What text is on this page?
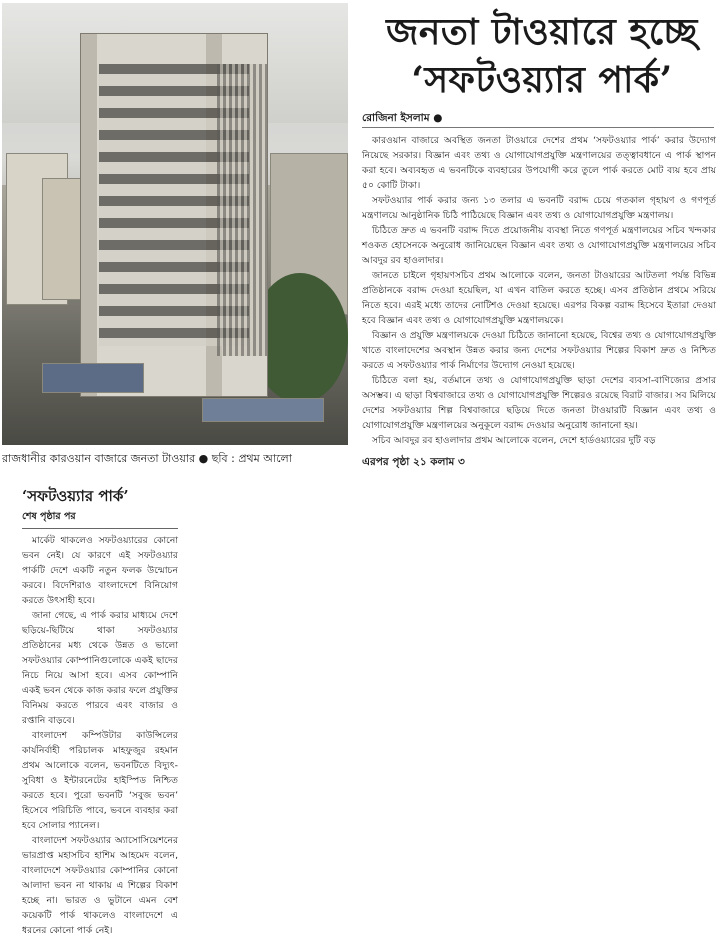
রাজধানীর কারওয়ান বাজারে জনতা টাওয়ার ● ছবি : প্রথম আলো
জনতা টাওয়ারে হচ্ছে
‘সফটওয়্যার পার্ক’
রোজিনা ইসলাম ●

কারওয়ান বাজারে অবস্থিত জনতা টাওয়ারে দেশের প্রথম ‘সফটওয়্যার পার্ক’ করার উদ্যোগ নিয়েছে সরকার। বিজ্ঞান এবং তথ্য ও যোগাযোগপ্রযুক্তি মন্ত্রণালয়ের তত্ত্বাবধানে এ পার্ক স্থাপন করা হবে। অব্যবহৃত এ ভবনটিকে ব্যবহারের উপযোগী করে তুলে পার্ক করতে মোট ব্যয় হবে প্রায় ৫০ কোটি টাকা।

সফটওয়্যার পার্ক করার জন্য ১৩ তলার এ ভবনটি বরাদ্দ চেয়ে গতকাল গৃহায়ণ ও গণপূর্ত মন্ত্রণালয়ে আনুষ্ঠানিক চিঠি পাঠিয়েছে বিজ্ঞান এবং তথ্য ও যোগাযোগপ্রযুক্তি মন্ত্রণালয়।

চিঠিতে দ্রুত এ ভবনটি বরাদ্দ দিতে প্রয়োজনীয় ব্যবস্থা নিতে গণপূর্ত মন্ত্রণালয়ের সচিব খন্দকার শওকত হোসেনকে অনুরোধ জানিয়েছেন বিজ্ঞান এবং তথ্য ও যোগাযোগপ্রযুক্তি মন্ত্রণালয়ের সচিব আবদুর রব হাওলাদার।

জানতে চাইলে গৃহায়ণসচিব প্রথম আলোকে বলেন, জনতা টাওয়ারের আটতলা পর্যন্ত বিভিন্ন প্রতিষ্ঠানকে বরাদ্দ দেওয়া হয়েছিল, যা এখন বাতিল করতে হচ্ছে। এসব প্রতিষ্ঠান প্রথমে সরিয়ে নিতে হবে। এরই মধ্যে তাদের নোটিশও দেওয়া হয়েছে। এরপর বিকল্প বরাদ্দ হিসেবে ইতারা দেওয়া হবে বিজ্ঞান এবং তথ্য ও যোগাযোগপ্রযুক্তি মন্ত্রণালয়কে।

বিজ্ঞান ও প্রযুক্তি মন্ত্রণালয়কে দেওয়া চিঠিতে জানানো হয়েছে, বিশ্বের তথ্য ও যোগাযোগপ্রযুক্তি খাতে বাংলাদেশের অবস্থান উন্নত করার জন্য দেশের সফটওয়্যার শিল্পের বিকাশ দ্রুত ও নিশ্চিত করতে এ সফটওয়্যার পার্ক নির্মাণের উদ্যোগ নেওয়া হয়েছে।

চিঠিতে বলা হয়, বর্তমানে তথ্য ও যোগাযোগপ্রযুক্তি ছাড়া দেশের ব্যবসা-বাণিজ্যের প্রসার অসম্ভব। এ ছাড়া বিশ্ববাজারে তথ্য ও যোগাযোগপ্রযুক্তি শিল্পেরও রয়েছে বিরাট বাজার। সব মিলিয়ে দেশের সফটওয়্যার শিল্প বিশ্ববাজারে ছড়িয়ে দিতে জনতা টাওয়ারটি বিজ্ঞান এবং তথ্য ও যোগাযোগপ্রযুক্তি মন্ত্রণালয়ের অনুকূলে বরাদ্দ দেওয়ার অনুরোধ জানানো হয়।

সচিব আবদুর রব হাওলাদার প্রথম আলোকে বলেন, দেশে হার্ডওয়্যারের দুটি বড়

এরপর পৃষ্ঠা ২১ কলাম ৩
‘সফটওয়্যার পার্ক’
শেষ পৃষ্ঠার পর

মার্কেট থাকলেও সফটওয়্যারের কোনো ভবন নেই। যে কারণে এই সফটওয়্যার পার্কটি দেশে একটি নতুন ফলক উন্মোচন করবে। বিদেশিরাও বাংলাদেশে বিনিয়োগ করতে উৎসাহী হবে।

জানা গেছে, এ পার্ক করার মাধ্যমে দেশে ছড়িয়ে-ছিটিয়ে থাকা সফটওয়্যার প্রতিষ্ঠানের মধ্য থেকে উন্নত ও ভালো সফটওয়্যার কোম্পানিগুলোকে একই ছাদের নিচে নিয়ে আসা হবে। এসব কোম্পানি একই ভবন থেকে কাজ করার ফলে প্রযুক্তির বিনিময় করতে পারবে এবং বাজার ও রপ্তানি বাড়বে।

বাংলাদেশ কম্পিউটার কাউন্সিলের কার্যনির্বাহী পরিচালক মাহফুজুর রহমান প্রথম আলোকে বলেন, ভবনটিতে বিদ্যুৎ-সুবিধা ও ইন্টারনেটের হাইস্পিড নিশ্চিত করতে হবে। পুরো ভবনটি ‘সবুজ ভবন’ হিসেবে পরিচিতি পাবে, ভবনে ব্যবহার করা হবে সোলার প্যানেল।

বাংলাদেশ সফটওয়্যার অ্যাসোসিয়েশনের ভারপ্রাপ্ত মহাসচিব হাশিম আহমেদ বলেন, বাংলাদেশে সফটওয়্যার কোম্পানির কোনো আলাদা ভবন না থাকায় এ শিল্পের বিকাশ হচ্ছে না। ভারত ও ভুটানে এমন বেশ কয়েকটি পার্ক থাকলেও বাংলাদেশে এ ধরনের কোনো পার্ক নেই।
